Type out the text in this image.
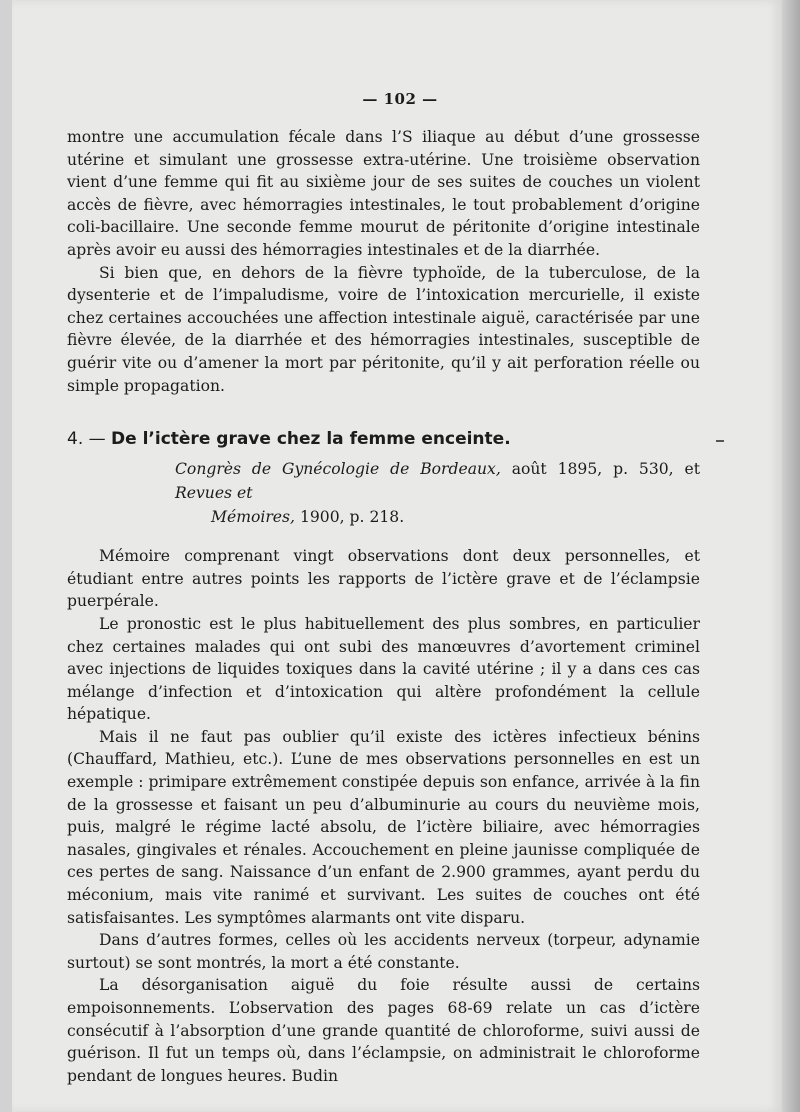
— 102 —

montre une accumulation fécale dans l’S iliaque au début d’une grossesse utérine et simulant une grossesse extra-utérine. Une troisième observation vient d’une femme qui fit au sixième jour de ses suites de couches un violent accès de fièvre, avec hémorragies intestinales, le tout probablement d’origine coli-bacillaire. Une seconde femme mourut de péritonite d’origine intestinale après avoir eu aussi des hémorragies intestinales et de la diarrhée.

Si bien que, en dehors de la fièvre typhoïde, de la tuberculose, de la dysenterie et de l’impaludisme, voire de l’intoxication mercurielle, il existe chez certaines accouchées une affection intestinale aiguë, caractérisée par une fièvre élevée, de la diarrhée et des hémorragies intestinales, susceptible de guérir vite ou d’amener la mort par péritonite, qu’il y ait perforation réelle ou simple propagation.

4. — De l’ictère grave chez la femme enceinte.

Congrès de Gynécologie de Bordeaux, août 1895, p. 530, et Revues et
Mémoires, 1900, p. 218.

Mémoire comprenant vingt observations dont deux personnelles, et étudiant entre autres points les rapports de l’ictère grave et de l’éclampsie puerpérale.

Le pronostic est le plus habituellement des plus sombres, en particulier chez certaines malades qui ont subi des manœuvres d’avortement criminel avec injections de liquides toxiques dans la cavité utérine ; il y a dans ces cas mélange d’infection et d’intoxication qui altère profondément la cellule hépatique.

Mais il ne faut pas oublier qu’il existe des ictères infectieux bénins (Chauffard, Mathieu, etc.). L’une de mes observations personnelles en est un exemple : primipare extrêmement constipée depuis son enfance, arrivée à la fin de la grossesse et faisant un peu d’albuminurie au cours du neuvième mois, puis, malgré le régime lacté absolu, de l’ictère biliaire, avec hémorragies nasales, gingivales et rénales. Accouchement en pleine jaunisse compliquée de ces pertes de sang. Naissance d’un enfant de 2.900 grammes, ayant perdu du méconium, mais vite ranimé et survivant. Les suites de couches ont été satisfaisantes. Les symptômes alarmants ont vite disparu.

Dans d’autres formes, celles où les accidents nerveux (torpeur, adynamie surtout) se sont montrés, la mort a été constante.

La désorganisation aiguë du foie résulte aussi de certains empoisonnements. L’observation des pages 68-69 relate un cas d’ictère consécutif à l’absorption d’une grande quantité de chloroforme, suivi aussi de guérison. Il fut un temps où, dans l’éclampsie, on administrait le chloroforme pendant de longues heures. Budin
